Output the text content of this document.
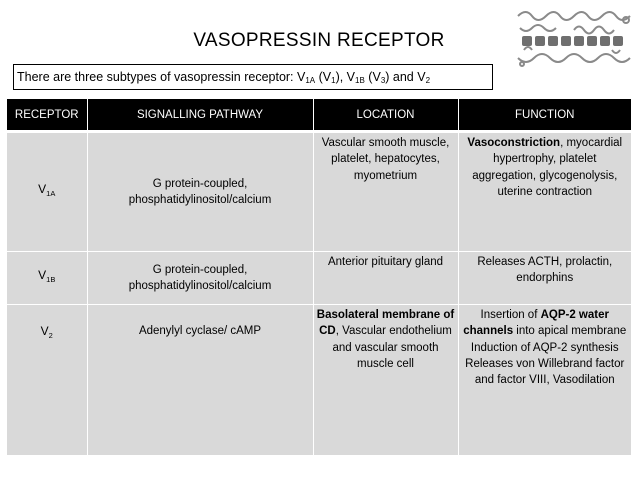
VASOPRESSIN RECEPTOR
There are three subtypes of vasopressin receptor: $V_{1A}$ $(V_1)$, $V_{1B}$ $(V_3)$ and $V_2$
RECEPTOR	SIGNALLING PATHWAY	LOCATION	FUNCTION
$V_{1A}$	G protein-coupled, phosphatidylinositol/calcium	Vascular smooth muscle, platelet, hepatocytes, myometrium	Vasoconstriction, myocardial hypertrophy, platelet aggregation, glycogenolysis, uterine contraction
$V_{1B}$	G protein-coupled, phosphatidylinositol/calcium	Anterior pituitary gland	Releases ACTH, prolactin, endorphins
$V_2$	Adenylyl cyclase/ cAMP	Basolateral membrane of CD, Vascular endothelium and vascular smooth muscle cell	Insertion of AQP-2 water channels into apical membrane Induction of AQP-2 synthesis Releases von Willebrand factor and factor VIII, Vasodilation
